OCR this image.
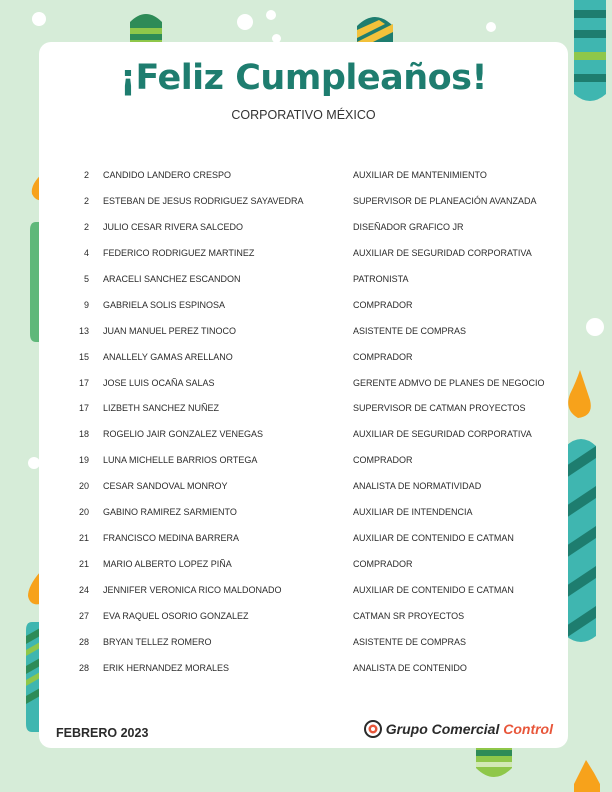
¡Feliz Cumpleaños!

CORPORATIVO MÉXICO

2 CANDIDO LANDERO CRESPO	AUXILIAR DE MANTENIMIENTO
2 ESTEBAN DE JESUS RODRIGUEZ SAYAVEDRA	SUPERVISOR DE PLANEACIÓN AVANZADA
2 JULIO CESAR RIVERA SALCEDO	DISEÑADOR GRAFICO JR
4 FEDERICO RODRIGUEZ MARTINEZ	AUXILIAR DE SEGURIDAD CORPORATIVA
5 ARACELI SANCHEZ ESCANDON	PATRONISTA
9 GABRIELA SOLIS ESPINOSA	COMPRADOR
13 JUAN MANUEL PEREZ TINOCO	ASISTENTE DE COMPRAS
15 ANALLELY GAMAS ARELLANO	COMPRADOR
17 JOSE LUIS OCAÑA SALAS	GERENTE ADMVO DE PLANES DE NEGOCIO
17 LIZBETH SANCHEZ NUÑEZ	SUPERVISOR DE CATMAN PROYECTOS
18 ROGELIO JAIR GONZALEZ VENEGAS	AUXILIAR DE SEGURIDAD CORPORATIVA
19 LUNA MICHELLE BARRIOS ORTEGA	COMPRADOR
20 CESAR SANDOVAL MONROY	ANALISTA DE NORMATIVIDAD
20 GABINO RAMIREZ SARMIENTO	AUXILIAR DE INTENDENCIA
21 FRANCISCO MEDINA BARRERA	AUXILIAR DE CONTENIDO E CATMAN
21 MARIO ALBERTO LOPEZ PIÑA	COMPRADOR
24 JENNIFER VERONICA RICO MALDONADO	AUXILIAR DE CONTENIDO E CATMAN
27 EVA RAQUEL OSORIO GONZALEZ	CATMAN SR PROYECTOS
28 BRYAN TELLEZ ROMERO	ASISTENTE DE COMPRAS
28 ERIK HERNANDEZ MORALES	ANALISTA DE CONTENIDO
FEBRERO 2023	Grupo Comercial Control
